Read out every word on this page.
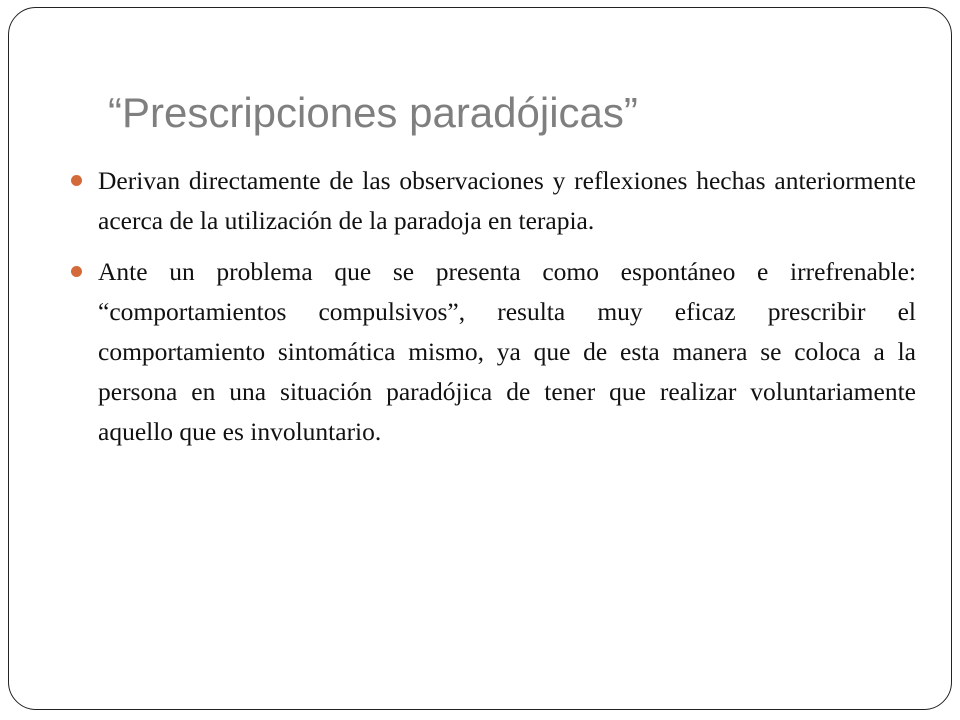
“Prescripciones paradójicas”
Derivan directamente de las observaciones y reflexiones hechas anteriormente acerca de la utilización de la paradoja en terapia.
Ante un problema que se presenta como espontáneo e irrefrenable: “comportamientos compulsivos”, resulta muy eficaz prescribir el comportamiento sintomática mismo, ya que de esta manera se coloca a la persona en una situación paradójica de tener que realizar voluntariamente aquello que es involuntario.
